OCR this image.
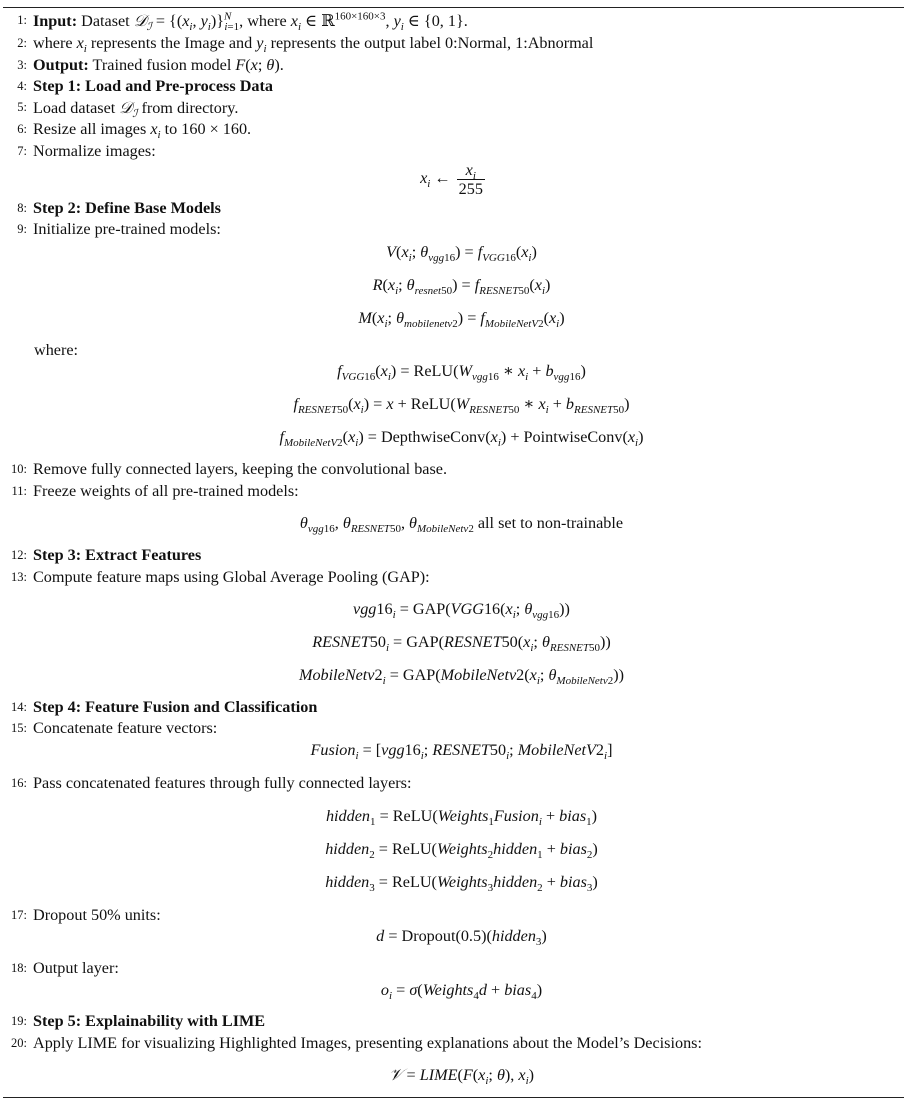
1: Input: Dataset 𝒟$_ℐ$ = {($x_i$, $y_i)\}^N_{i=1}$, where $x_i$ ∈ ℝ$^{160\times 160\times 3}$, $y_i$ ∈ {0, 1}.
2: where $x_i$ represents the Image and $y_i$ represents the output label 0:Normal, 1:Abnormal
3: Output: Trained fusion model F(x; θ).
4: Step 1: Load and Pre-process Data
5: Load dataset 𝒟$_ℐ$ from directory.
6: Resize all images $x_i$ to 160 × 160.
7: Normalize images:
$x_i$ ← $\frac{x_i}{255}$
8: Step 2: Define Base Models
9: Initialize pre-trained models:
$V(x_i$; $\theta_{vgg16}) = f_{VGG16}(x_i)$
$R(x_i$; $\theta_{resnet50}) = f_{RESNET50}(x_i)$
$M(x_i$; $\theta_{mobilenetv2}) = f_{MobileNetV2}(x_i)$
where:
$f_{VGG16}(x_i)$ = $ReLU(W_{vgg16}$ ∗ $x_i + b_{vgg16}$)
$f_{RESNET50}(x_i) = x$ + $ReLU(W_{RESNET50}$ ∗ $x_i + b_{RESNET50}$)
$f_{MobileNetV2}(x_i)$ = $DepthwiseConv(x_i)$ + $PointwiseConv(x_i)$
10: Remove fully connected layers, keeping the convolutional base.
11: Freeze weights of all pre-trained models:
$\theta_{vgg16}$, $\theta_{RESNET50}$, $\theta_{MobileNetv2}$ all set to non-trainable
12: Step 3: Extract Features
13: Compute feature maps using Global Average Pooling (GAP):
$vgg16_i = GAP(VGG16(x_i$; $\theta_{vgg16}$))
$RESNET50_i$ = $GAP(RESNET50(x_i$; $\theta_{RESNET50}$))
$MobileNetv2_i$ = $GAP(MobileNetv2(x_i$; $\theta_{MobileNetv2}$))
14: Step 4: Feature Fusion and Classification
15: Concatenate feature vectors:
Fusion$_i$ = [$vgg16_i$; $RESNET50_i$; $MobileNetV2_i$]
16: Pass concatenated features through fully connected layers:
hidden$_1$ = ReLU(Weights$_1$Fusion$_i$ + bias$_1$)
hidden$_2$ = ReLU(Weights$_2$hidden$_1$ + bias$_2$)
hidden$_3$ = ReLU(Weights$_3$hidden$_2$ + bias$_3$)
17: Dropout 50% units:
d = Dropout(0.5)(hidden$_3$)
18: Output layer:
$o_i$ = σ(Weights$_4$d + bias$_4$)
19: Step 5: Explainability with LIME
20: Apply LIME for visualizing Highlighted Images, presenting explanations about the Model’s Decisions:
𝒱 = $LIME(F(x_i$; θ), $x_i$)
